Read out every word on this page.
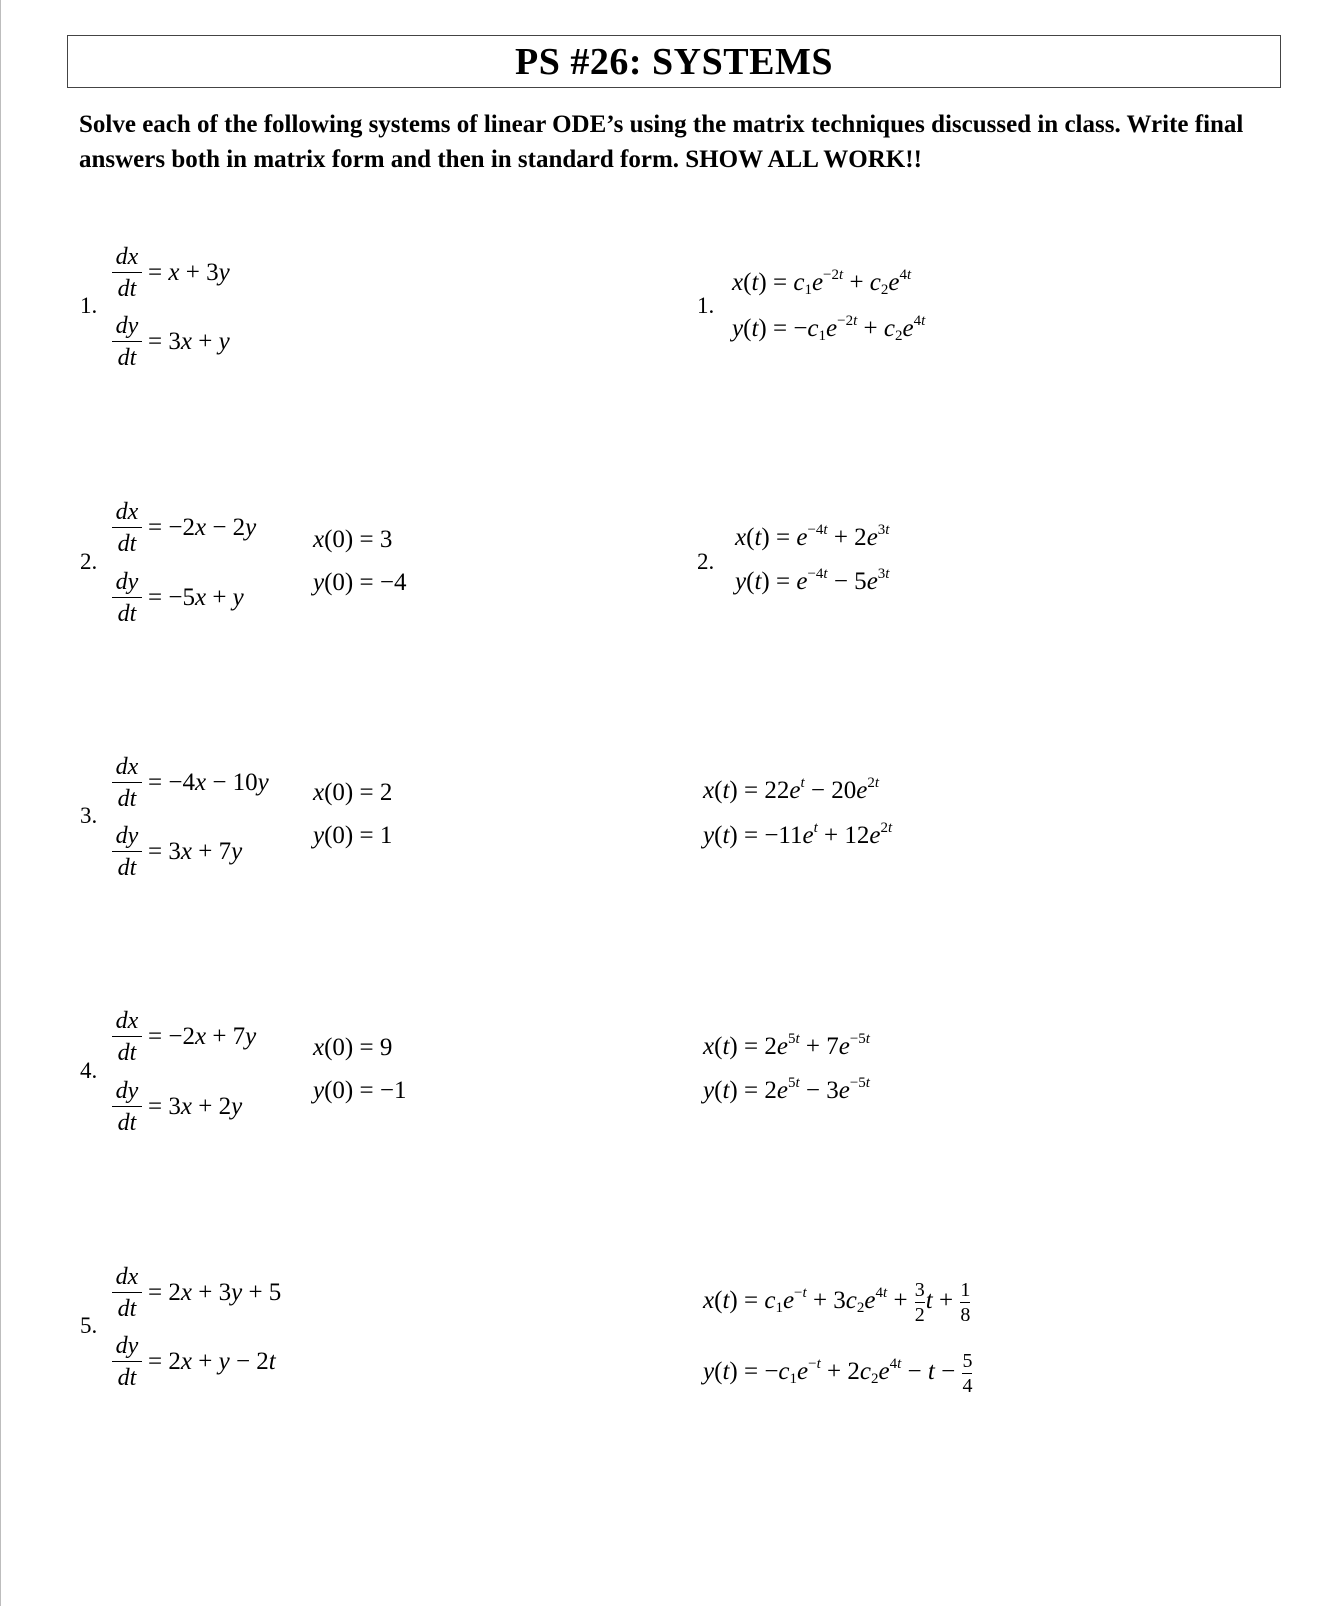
PS #26: SYSTEMS
Solve each of the following systems of linear ODE’s using the matrix techniques discussed in class. Write final answers both in matrix form and then in standard form. SHOW ALL WORK!!
1.
dx
dt
= x + 3y
dy
dt
= 3x + y
1.
$x(t) = c_1e^{-2t} + c_2e^{4t}$
$y(t) = -c_1e^{-2t} + c_2e^{4t}$
2.
dx
dt
= −2x − 2y
dy
dt
= −5x + y
x(0) = 3
y(0) = −4
2.
$x(t) = e^{-4t} + 2e^{3t}$
$y(t) = e^{-4t} - 5e^{3t}$
3.
dx
dt
= −4x − 10y
dy
dt
= 3x + 7y
x(0) = 2
y(0) = 1
$x(t) = 22e^t - 20e^{2t}$
$y(t) = -11e^t + 12e^{2t}$
4.
dx
dt
= −2x + 7y
dy
dt
= 3x + 2y
x(0) = 9
y(0) = −1
$x(t) = 2e^{5t} + 7e^{-5t}$
$y(t) = 2e^{5t} - 3e^{-5t}$
5.
dx
dt
= 2x + 3y + 5
dy
dt
= 2x + y − 2t
$x(t) = c_1e^{-t} + 3c_2e^{4t} + \frac{3}{2}$ $t + \frac{1}{8}$
$y(t) = -c_1e^{-t} + 2c_2e^{4t} - t - \frac{5}{4}$
